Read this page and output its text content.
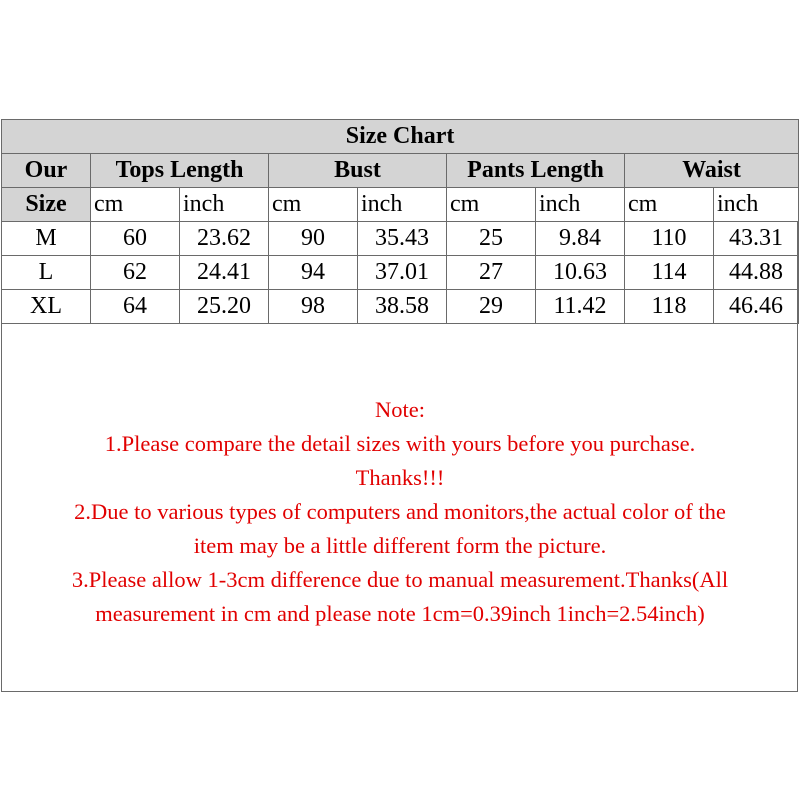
Size Chart								
Our	Tops Length		Bust		Pants Length		Waist	
Size	cm	inch	cm	inch	cm	inch	cm	inch
M	60	23.62	90	35.43	25	9.84	110	43.31
L	62	24.41	94	37.01	27	10.63	114	44.88
XL	64	25.20	98	38.58	29	11.42	118	46.46
Note:
1.Please compare the detail sizes with yours before you purchase.
Thanks!!!
2.Due to various types of computers and monitors,the actual color of the
item may be a little different form the picture.
3.Please allow 1-3cm difference due to manual measurement.Thanks(All
measurement in cm and please note 1cm=0.39inch 1inch=2.54inch)
